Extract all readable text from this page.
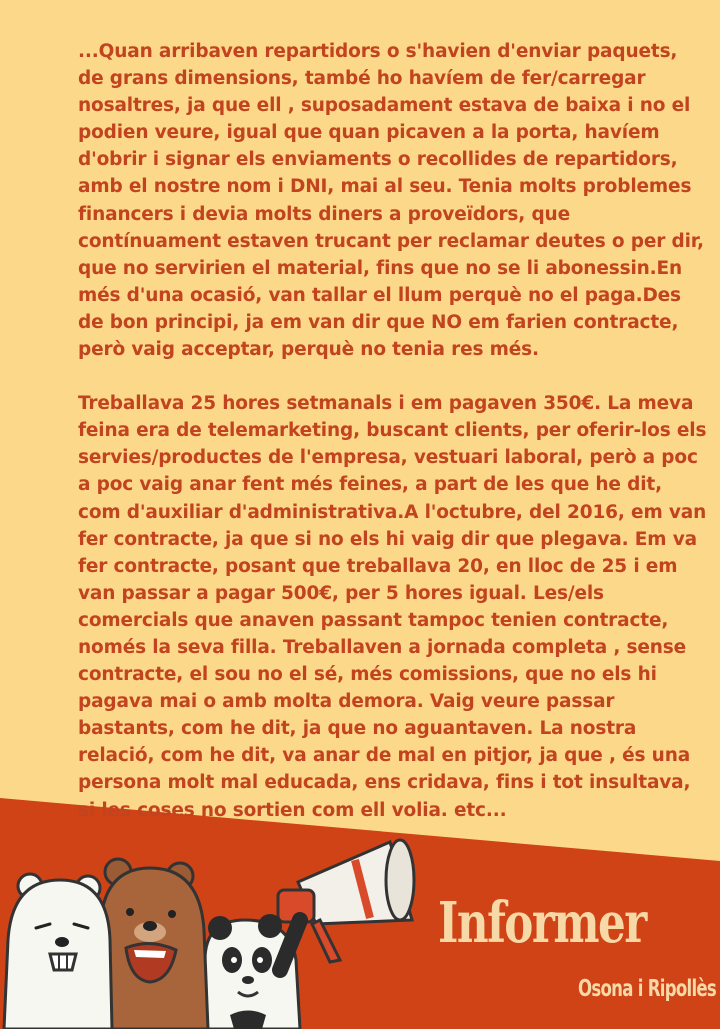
...Quan arribaven repartidors o s'havien d'enviar paquets, de grans dimensions, també ho havíem de fer/carregar nosaltres, ja que ell , suposadament estava de baixa i no el podien veure, igual que quan picaven a la porta, havíem d'obrir i signar els enviaments o recollides de repartidors, amb el nostre nom i DNI, mai al seu. Tenia molts problemes financers i devia molts diners a proveïdors, que contínuament estaven trucant per reclamar deutes o per dir, que no servirien el material, fins que no se li abonessin.En més d'una ocasió, van tallar el llum perquè no el paga.Des de bon principi, ja em van dir que NO em farien contracte, però vaig acceptar, perquè no tenia res més.

Treballava 25 hores setmanals i em pagaven 350€. La meva feina era de telemarketing, buscant clients, per oferir-los els servies/productes de l'empresa, vestuari laboral, però a poc a poc vaig anar fent més feines, a part de les que he dit, com d'auxiliar d'administrativa.A l'octubre, del 2016, em van fer contracte, ja que si no els hi vaig dir que plegava. Em va fer contracte, posant que treballava 20, en lloc de 25 i em van passar a pagar 500€, per 5 hores igual. Les/els comercials que anaven passant tampoc tenien contracte, només la seva filla. Treballaven a jornada completa , sense contracte, el sou no el sé, més comissions, que no els hi pagava mai o amb molta demora. Vaig veure passar bastants, com he dit, ja que no aguantaven. La nostra relació, com he dit, va anar de mal en pitjor, ja que , és una persona molt mal educada, ens cridava, fins i tot insultava, si les coses no sortien com ell volia. etc...

Informer
Osona i Ripollès
